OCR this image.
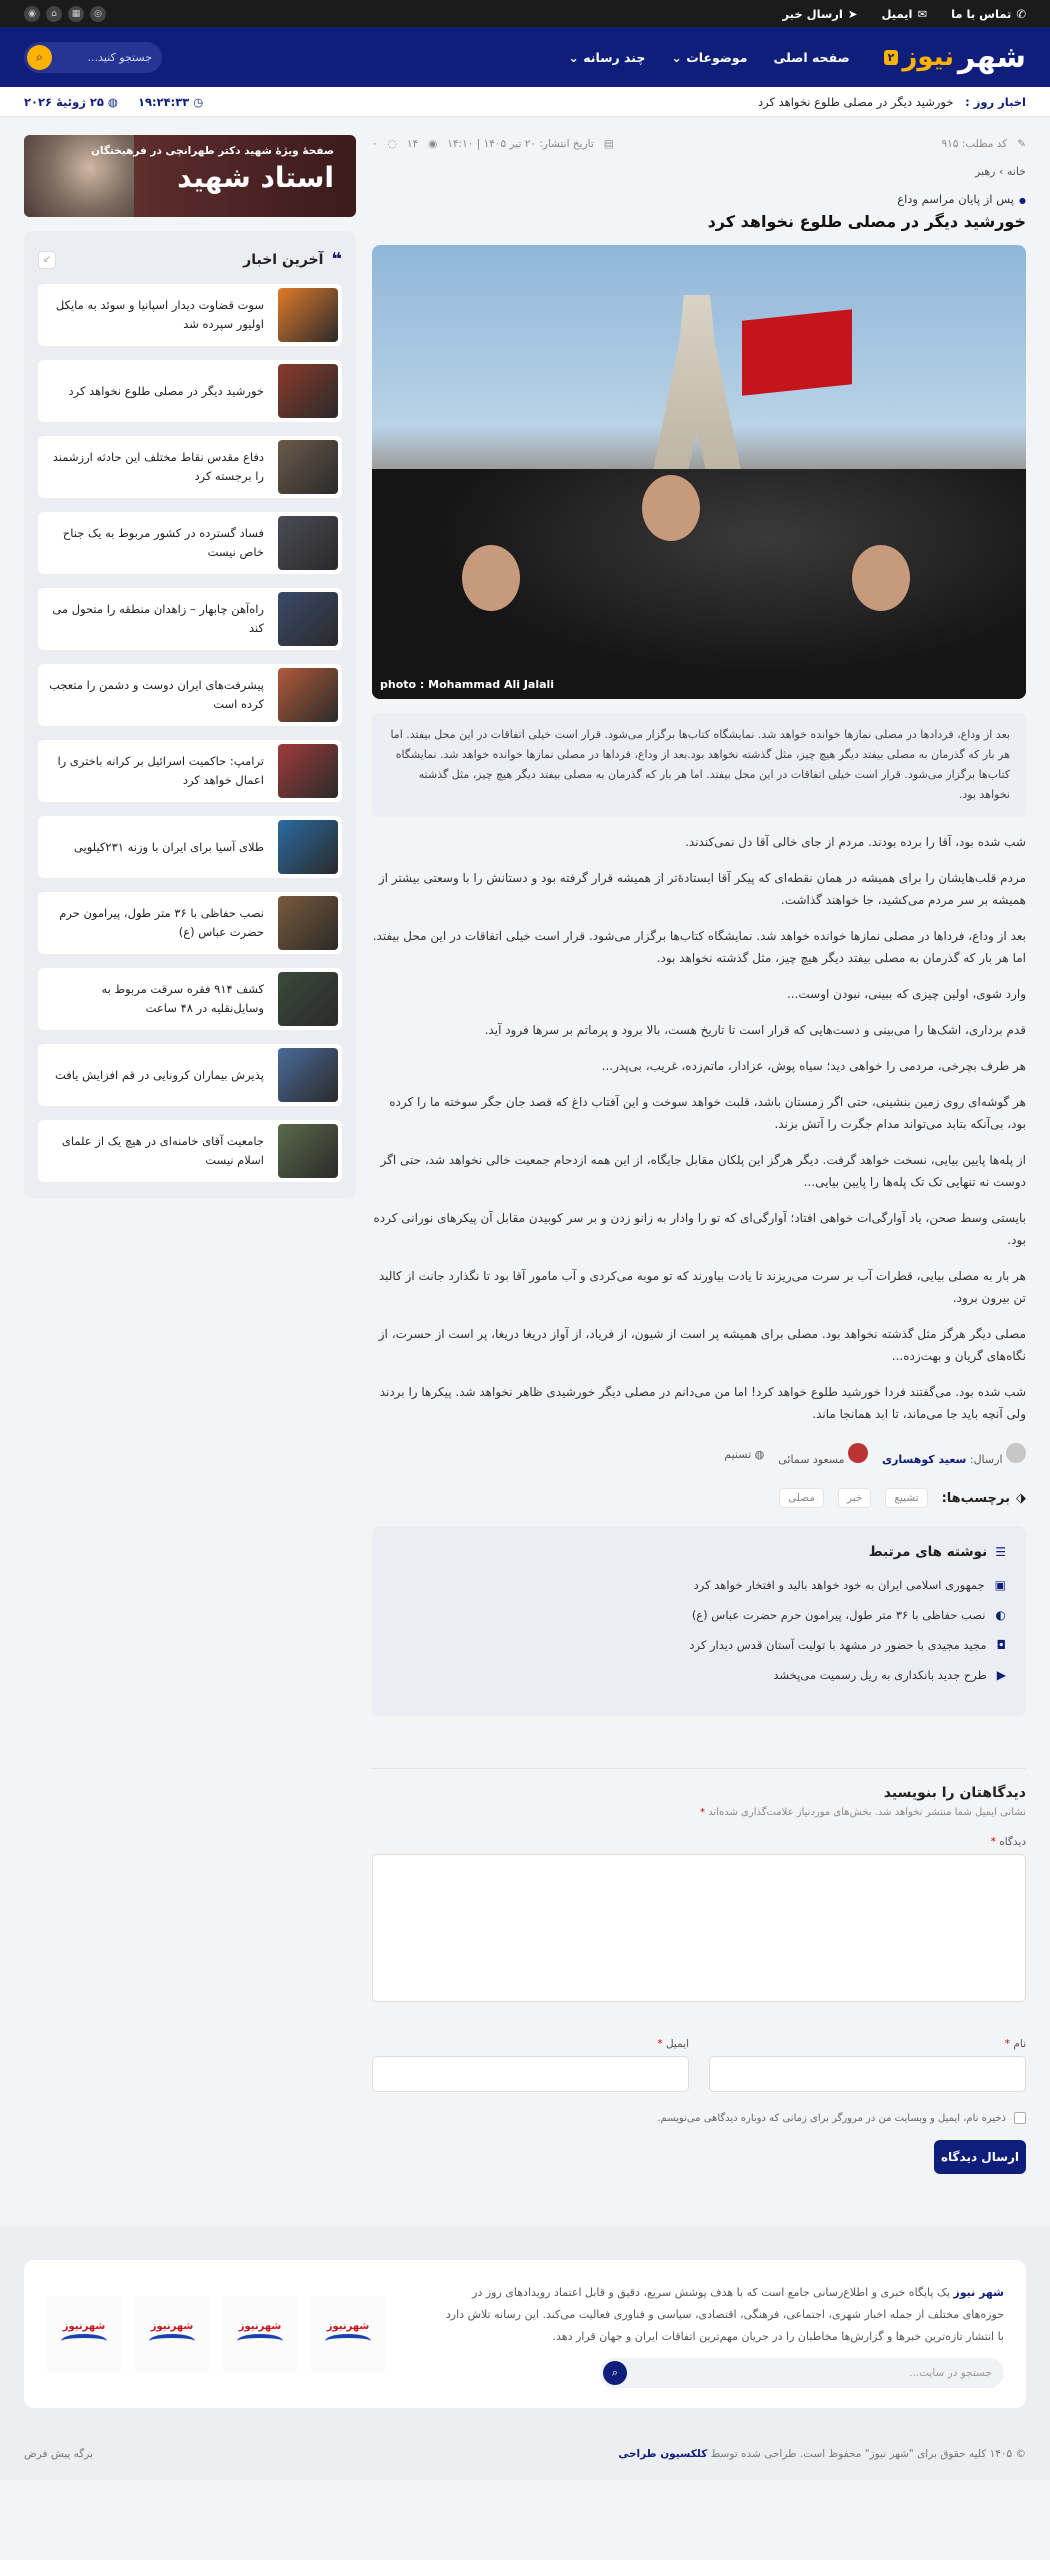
✆
تماس با ما
✉
ایمیل
➤
ارسال خبر
◉	⌂	▦	◎
شهر
نیوز
۲
صفحه اصلی
موضوعات ⌄
چند رسانه ⌄
جستجو کنید...
⌕
اخبار روز : خورشید دیگر در مصلی طلوع نخواهد کرد
◷ ۱۹:۲۴:۳۳
◍ ۲۵ ژوئیهٔ ۲۰۲۶
✎
کد مطلب: ۹۱۵
▤
تاریخ انتشار: ۲۰ تیر ۱۴۰۵ | ۱۴:۱۰
◉
۱۴
◌
۰
خانه › رهبر
● پس از پایان مراسم وداع
خورشید دیگر در مصلی طلوع نخواهد کرد
photo : Mohammad Ali Jalali
بعد از وداع، فردادها در مصلی نمازها خوانده خواهد شد. نمایشگاه کتاب‌ها برگزار می‌شود. قرار است خیلی اتفاقات در این محل بیفتد. اما هر بار که گذرمان به مصلی بیفتد دیگر هیچ چیز، مثل گذشته نخواهد بود.بعد از وداع، فرداها در مصلی نمازها خوانده خواهد شد. نمایشگاه کتاب‌ها برگزار می‌شود. قرار است خیلی اتفاقات در این محل بیفتد. اما هر بار که گذرمان به مصلی بیفتد دیگر هیچ چیز، مثل گذشته نخواهد بود.

شب شده بود، آقا را برده بودند. مردم از جای خالی آقا دل نمی‌کندند.

مردم قلب‌هایشان را برای همیشه در همان نقطه‌ای که پیکر آقا ایستادهٔ‌تر از همیشه قرار گرفته بود و دستانش را با وسعتی بیشتر از همیشه بر سر مردم می‌کشید، جا خواهند گذاشت.

بعد از وداع، فرداها در مصلی نمازها خوانده خواهد شد. نمایشگاه کتاب‌ها برگزار می‌شود. قرار است خیلی اتفاقات در این محل بیفتد. اما هر بار که گذرمان به مصلی بیفتد دیگر هیچ چیز، مثل گذشته نخواهد بود.

وارد شوی، اولین چیزی که ببینی، نبودن اوست...

قدم برداری، اشک‌ها را می‌بینی و دست‌هایی که قرار است تا تاریخ هست، بالا برود و پرماتم بر سرها فرود آید.

هر طرف بچرخی، مردمی را خواهی دید؛ سیاه پوش، عزادار، ماتم‌زده، غریب، بی‌پدر...

هر گوشه‌ای روی زمین بنشینی، حتی اگر زمستان باشد، قلبت خواهد سوخت و این آفتاب داغ که قصد جان جگر سوخته ما را کرده بود، بی‌آنکه بتابد می‌تواند مدام جگرت را آتش بزند.

از پله‌ها پایین بیایی، نسخت خواهد گرفت. دیگر هرگز این پلکان مقابل جایگاه، از این همه ازدحام جمعیت خالی نخواهد شد، حتی اگر دوست نه تنهایی تک تک پله‌ها را پایین بیایی...

بایستی وسط صحن، یاد آوارگی‌ات خواهی افتاد؛ آوارگی‌ای که تو را وادار به زانو زدن و بر سر کوبیدن مقابل آن پیکرهای نورانی کرده بود.

هر بار به مصلی بیایی، قطرات آب بر سرت می‌ریزند تا یادت بیاورند که تو موبه می‌کردی و آب مامور آقا بود تا نگذارد جانت از کالبد تن بیرون برود.

مصلی دیگر هرگز مثل گذشته نخواهد بود. مصلی برای همیشه پر است از شیون، از فریاد، از آواز دریغا دریغا، پر است از حسرت، از نگاه‌های گریان و بهت‌زده...

شب شده بود. می‌گفتند فردا خورشید طلوع خواهد کرد! اما من می‌دانم در مصلی دیگر خورشیدی ظاهر نخواهد شد. پیکرها را بردند ولی آنچه باید جا می‌ماند، تا ابد همانجا ماند.

ارسال: سعید کوهساری
مسعود سمائی
◍ تسنیم
⬗
برچسب‌ها:
تشییع
خبر
مصلی
☰
نوشته های مرتبط
▣
جمهوری اسلامی ایران به خود خواهد بالید و افتخار خواهد کرد
◐
نصب حفاظی با ۳۶ متر طول، پیرامون حرم حضرت عباس (ع)
◘
مجید مجیدی با حضور در مشهد با تولیت آستان قدس دیدار کرد
▶
طرح جدید بانکداری به ریل رسمیت می‌پخشد
دیدگاهتان را بنویسید
نشانی ایمیل شما منتشر نخواهد شد. بخش‌های موردنیاز علامت‌گذاری شده‌اند *
دیدگاه *
نام *
ایمیل *
ذخیره نام، ایمیل و وبسایت من در مرورگر برای زمانی که دوباره دیدگاهی می‌نویسم.
ارسال دیدگاه
صفحهٔ ویژهٔ شهید دکتر طهرانچی در فرهیختگان
استاد شهید
❝
آخرین اخبار
↙
سوت قضاوت دیدار اسپانیا و سوئد به مایکل اولیور سپرده شد
خورشید دیگر در مصلی طلوع نخواهد کرد
دفاع مقدس نقاط مختلف این حادثه ارزشمند را برجسته کرد
فساد گسترده در کشور مربوط به یک جناح خاص نیست
راه‌آهن چابهار – زاهدان منطقه را متحول می کند
پیشرفت‌های ایران دوست و دشمن را متعجب کرده است
ترامپ: حاکمیت اسرائیل بر کرانه باختری را اعمال خواهد کرد
طلای آسیا برای ایران با وزنه ۲۳۱کیلویی
نصب حفاظی با ۳۶ متر طول، پیرامون حرم حضرت عباس (ع)
کشف ۹۱۴ فقره سرقت مربوط به وسایل‌نقلیه در ۴۸ ساعت
پذیرش بیماران کرونایی در قم افزایش یافت
جامعیت آقای خامنه‌ای در هیچ یک از علمای اسلام نیست
شهر نیوز یک پایگاه خبری و اطلاع‌رسانی جامع است که با هدف پوشش سریع، دقیق و قابل اعتماد رویدادهای روز در حوزه‌های مختلف از جمله اخبار شهری، اجتماعی، فرهنگی، اقتصادی، سیاسی و فناوری فعالیت می‌کند. این رسانه تلاش دارد با انتشار تازه‌ترین خبرها و گزارش‌ها مخاطبان را در جریان مهم‌ترین اتفاقات ایران و جهان قرار دهد.
جستجو در سایت...
⌕
شهرنیوز
شهرنیوز
شهرنیوز
شهرنیوز
© ۱۴۰۵ کلیه حقوق برای "شهر نیوز" محفوظ است. طراحی شده توسط کلکسیون طراحی
برگه پیش فرض
